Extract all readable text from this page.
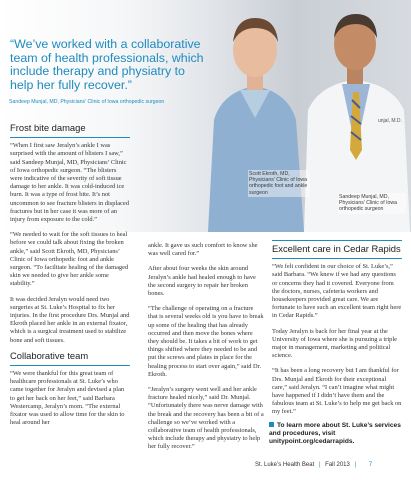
unjal, M.D.
“We’ve worked with a collaborative team of health professionals, which include therapy and physiatry to help her fully recover.”
Sandeep Munjal, MD, Physicians’ Clinic of Iowa orthopedic surgeon
Scott Ekroth, MD, Physicians’ Clinic of Iowa orthopedic foot and ankle surgeon
Sandeep Munjal, MD, Physicians’ Clinic of Iowa orthopedic surgeon
Frost bite damage

“When I first saw Jeralyn’s ankle I was surprised with the amount of blisters I saw,” said Sandeep Munjal, MD, Physicians’ Clinic of Iowa orthopedic surgeon. “The blisters were indicative of the severity of soft tissue damage to her ankle. It was cold-induced ice burn. It was a type of frost bite. It’s not uncommon to see fracture blisters in displaced fractures but in her case it was more of an injury from exposure to the cold.”

“We needed to wait for the soft tissues to heal before we could talk about fixing the broken ankle,” said Scott Ekroth, MD, Physicians’ Clinic of Iowa orthopedic foot and ankle surgeon. “To facilitate healing of the damaged skin we needed to give her ankle some stability.”

It was decided Jeralyn would need two surgeries at St. Luke’s Hospital to fix her injuries. In the first procedure Drs. Munjal and Ekroth placed her ankle in an external fixator, which is a surgical treatment used to stabilize bone and soft tissues.

Collaborative team

“We were thankful for this great team of healthcare professionals at St. Luke’s who came together for Jeralyn and devised a plan to get her back on her feet,” said Barbara Westercamp, Jeralyn’s mom. “The external fixator was used to allow time for the skin to heal around her

ankle. It gave us such comfort to know she was well cared for.”

After about four weeks the skin around Jeralyn’s ankle had healed enough to have the second surgery to repair her broken bones.

“The challenge of operating on a fracture that is several weeks old is you have to break up some of the healing that has already occurred and then move the bones where they should be. It takes a bit of work to get things shifted where they needed to be and put the screws and plates in place for the healing process to start over again,” said Dr. Ekroth.

“Jeralyn’s surgery went well and her ankle fracture healed nicely,” said Dr. Munjal. “Unfortunately there was nerve damage with the break and the recovery has been a bit of a challenge so we’ve worked with a collaborative team of health professionals, which include therapy and physiatry to help her fully recover.”

Excellent care in Cedar Rapids

“We felt confident in our choice of St. Luke’s,” said Barbara. “We knew if we had any questions or concerns they had it covered. Everyone from the doctors, nurses, cafeteria workers and housekeepers provided great care. We are fortunate to have such an excellent team right here in Cedar Rapids.”

Today Jeralyn is back for her final year at the University of Iowa where she is pursuing a triple major in management, marketing and political science.

“It has been a long recovery but I am thankful for Drs. Munjal and Ekroth for their exceptional care,” said Jeralyn. “I can’t imagine what might have happened if I didn’t have them and the fabulous team at St. Luke’s to help me get back on my feet.”

To learn more about St. Luke’s services and procedures, visit unitypoint.org/cedarrapids.
St. Luke’s Health Beat | Fall 2013 | 7
